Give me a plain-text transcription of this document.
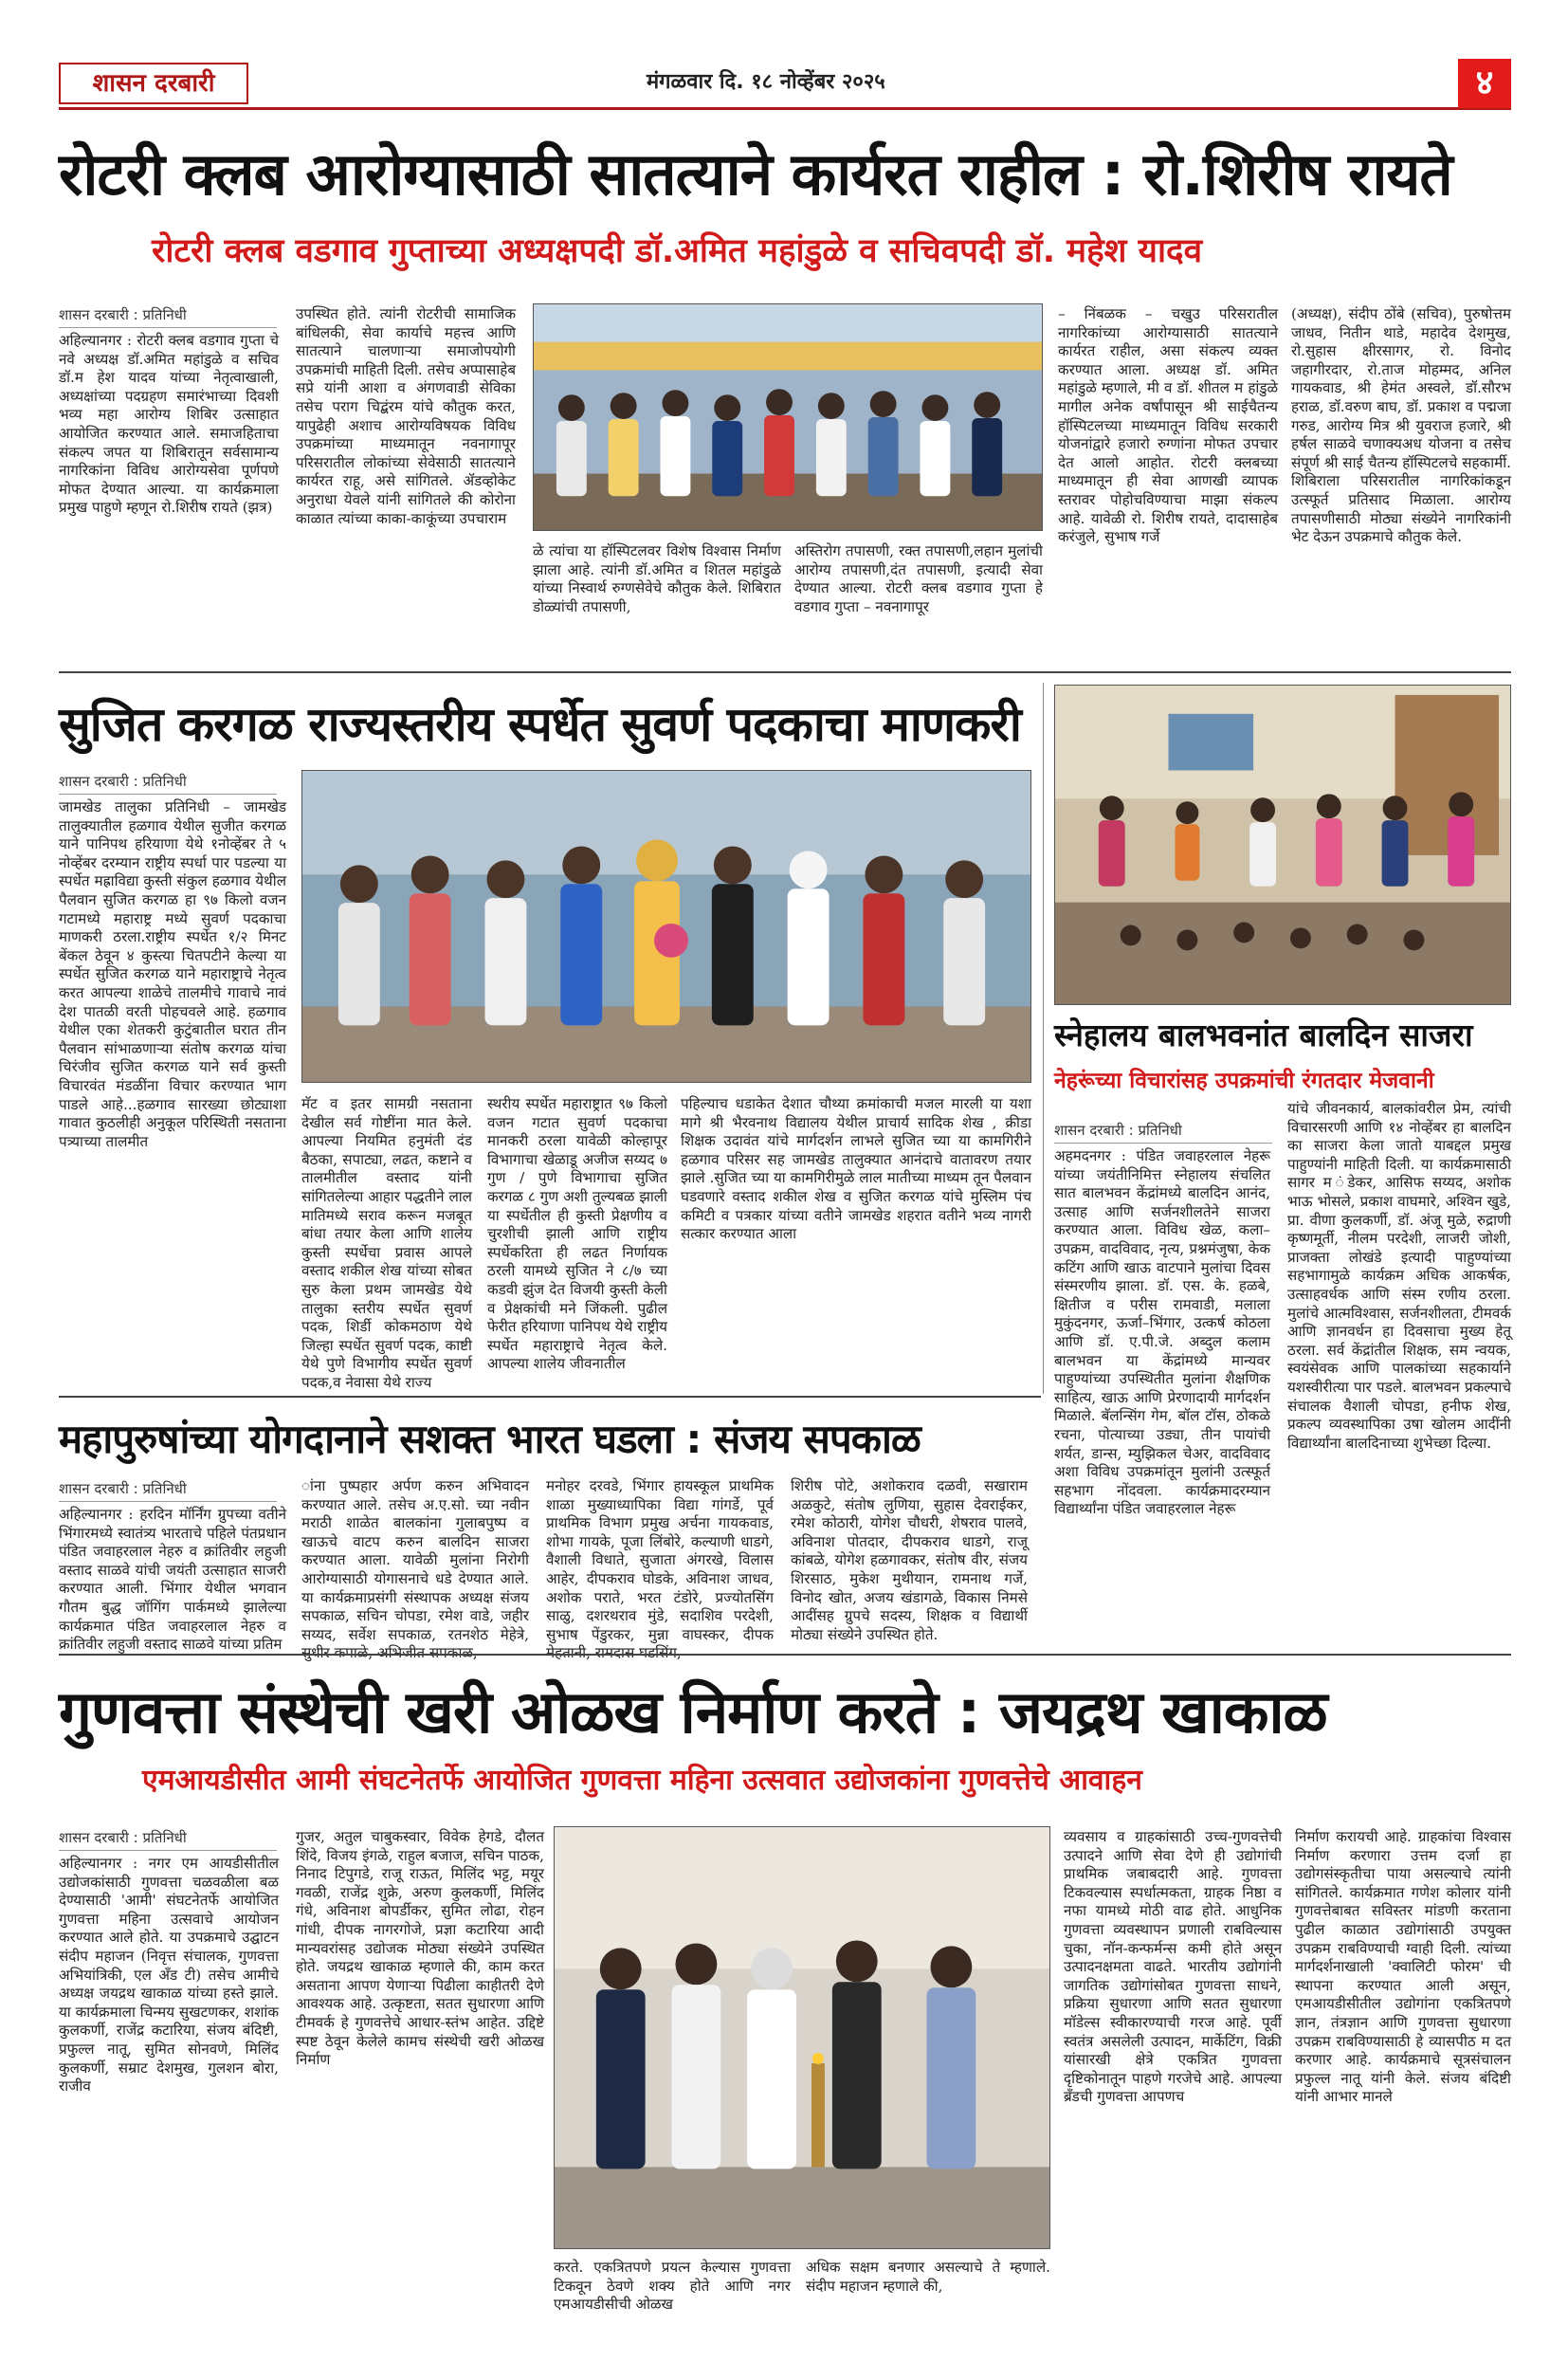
शासन दरबारी	मंगळवार दि. १८ नोव्हेंबर २०२५	४
रोटरी क्लब आरोग्यासाठी सातत्याने कार्यरत राहील : रो.शिरीष रायते
रोटरी क्लब वडगाव गुप्ताच्या अध्यक्षपदी डॉ.अमित महांडुळे व सचिवपदी डॉ. महेश यादव
शासन दरबारी : प्रतिनिधी
अहिल्यानगर : रोटरी क्लब वडगाव गुप्ता चे नवे अध्यक्ष डॉ.अमित महांडुळे व सचिव डॉ.म हेश यादव यांच्या नेतृत्वाखाली, अध्यक्षांच्या पदग्रहण समारंभाच्या दिवशी भव्य महा आरोग्य शिबिर उत्साहात आयोजित करण्यात आले. समाजहिताचा संकल्प जपत या शिबिरातून सर्वसामान्य नागरिकांना विविध आरोग्यसेवा पूर्णपणे मोफत देण्यात आल्या. या कार्यक्रमाला प्रमुख पाहुणे म्हणून रो.शिरीष रायते (झत्र)
उपस्थित होते. त्यांनी रोटरीची सामाजिक बांधिलकी, सेवा कार्याचे महत्त्व आणि सातत्याने चालणाऱ्या समाजोपयोगी उपक्रमांची माहिती दिली. तसेच अप्पासाहेब सप्रे यांनी आशा व अंगणवाडी सेविका तसेच पराग चिद्बंरम यांचे कौतुक करत, यापुढेही अशाच आरोग्यविषयक विविध उपक्रमांच्या माध्यमातून नवनागापूर परिसरातील लोकांच्या सेवेसाठी सातत्याने कार्यरत राहू, असे सांगितले. ॲडव्होकेट अनुराधा येवले यांनी सांगितले की कोरोना काळात त्यांच्या काका-काकूंच्या उपचाराम
ळे त्यांचा या हॉस्पिटलवर विशेष विश्वास निर्माण झाला आहे. त्यांनी डॉ.अमित व शितल महांडुळे यांच्या निस्वार्थ रुग्णसेवेचे कौतुक केले. शिबिरात डोळ्यांची तपासणी,
अस्तिरोग तपासणी, रक्त तपासणी,लहान मुलांची आरोग्य तपासणी,दंत तपासणी, इत्यादी सेवा देण्यात आल्या. रोटरी क्लब वडगाव गुप्ता हे वडगाव गुप्ता – नवनागापूर
– निंबळक – चखुउ परिसरातील नागरिकांच्या आरोग्यासाठी सातत्याने कार्यरत राहील, असा संकल्प व्यक्त करण्यात आला. अध्यक्ष डॉ. अमित महांडुळे म्हणाले, मी व डॉ. शीतल म हांडुळे मागील अनेक वर्षांपासून श्री साईचैतन्य हॉस्पिटलच्या माध्यमातून विविध सरकारी योजनांद्वारे हजारो रुग्णांना मोफत उपचार देत आलो आहोत. रोटरी क्लबच्या माध्यमातून ही सेवा आणखी व्यापक स्तरावर पोहोचविण्याचा माझा संकल्प आहे. यावेळी रो. शिरीष रायते, दादासाहेब करंजुले, सुभाष गर्जे
(अध्यक्ष), संदीप ठोंबे (सचिव), पुरुषोत्तम जाधव, नितीन थाडे, महादेव देशमुख, रो.सुहास क्षीरसागर, रो. विनोद जहागीरदार, रो.ताज मोहम्मद, अनिल गायकवाड, श्री हेमंत अस्वले, डॉ.सौरभ हराळ, डॉ.वरुण बाघ, डॉ. प्रकाश व पद्मजा गरुड, आरोग्य मित्र श्री युवराज हजारे, श्री हर्षल साळवे चणाक्यअध योजना व तसेच संपूर्ण श्री साई चैतन्य हॉस्पिटलचे सहकार्मी. शिबिराला परिसरातील नागरिकांकडून उत्स्फूर्त प्रतिसाद मिळाला. आरोग्य तपासणीसाठी मोठ्या संख्येने नागरिकांनी भेट देऊन उपक्रमाचे कौतुक केले.
सुजित करगळ राज्यस्तरीय स्पर्धेत सुवर्ण पदकाचा माणकरी
शासन दरबारी : प्रतिनिधी
जामखेड तालुका प्रतिनिधी – जामखेड तालुक्यातील हळगाव येथील सुजीत करगळ याने पानिपथ हरियाणा येथे १नोव्हेंबर ते ५ नोव्हेंबर दरम्यान राष्ट्रीय स्पर्धा पार पडल्या या स्पर्धेत मह्राविद्या कुस्ती संकुल हळगाव येथील पैलवान सुजित करगळ हा ९७ किलो वजन गटामध्ये महाराष्ट्र मध्ये सुवर्ण पदकाचा माणकरी ठरला.राष्ट्रीय स्पर्धेत १/२ मिनट बेंकल ठेवून ४ कुस्त्या चितपटीने केल्या या स्पर्धेत सुजित करगळ याने महाराष्ट्राचे नेतृत्व करत आपल्या शाळेचे तालमीचे गावाचे नावं देश पातळी वरती पोहचवले आहे. हळगाव येथील एका शेतकरी कुटुंबातील घरात तीन पैलवान सांभाळणाऱ्या संतोष करगळ यांचा चिरंजीव सुजित करगळ याने सर्व कुस्ती विचारवंत मंडळींना विचार करण्यात भाग पाडले आहे...हळगाव सारख्या छोट्याशा गावात कुठलीही अनुकूल परिस्थिती नसताना पत्र्याच्या तालमीत
मॅट व इतर सामग्री नसताना देखील सर्व गोष्टींना मात केले. आपल्या नियमित हनुमंती दंड बैठका, सपाट्या, लढत, कष्टाने व तालमीतील वस्ताद यांनी सांगितलेल्या आहार पद्धतीने लाल मातिमध्ये सराव करून मजबूत बांधा तयार केला आणि शालेय कुस्ती स्पर्धेचा प्रवास आपले वस्ताद शकील शेख यांच्या सोबत सुरु केला प्रथम जामखेड येथे तालुका स्तरीय स्पर्धेत सुवर्ण पदक, शिर्डी कोकमठाण येथे जिल्हा स्पर्धेत सुवर्ण पदक, काष्टी येथे पुणे विभागीय स्पर्धेत सुवर्ण पदक,व नेवासा येथे राज्य
स्थरीय स्पर्धेत महाराष्ट्रात ९७ किलो वजन गटात सुवर्ण पदकाचा मानकरी ठरला यावेळी कोल्हापूर विभागाचा खेळाडू अजीज सय्यद ७ गुण / पुणे विभागाचा सुजित करगळ ८ गुण अशी तुल्यबळ झाली या स्पर्धेतील ही कुस्ती प्रेक्षणीय व चुरशीची झाली आणि राष्ट्रीय स्पर्धेकरिता ही लढत निर्णायक ठरली यामध्ये सुजित ने ८/७ च्या कडवी झुंज देत विजयी कुस्ती केली व प्रेक्षकांची मने जिंकली. पुढील फेरीत हरियाणा पानिपथ येथे राष्ट्रीय स्पर्धेत महाराष्ट्राचे नेतृत्व केले. आपल्या शालेय जीवनातील
पहिल्याच धडाकेत देशात चौथ्या क्रमांकाची मजल मारली या यशा मागे श्री भैरवनाथ विद्यालय येथील प्राचार्य सादिक शेख , क्रीडा शिक्षक उदावंत यांचे मार्गदर्शन लाभले सुजित च्या या कामगिरीने हळगाव परिसर सह जामखेड तालुक्यात आनंदाचे वातावरण तयार झाले .सुजित च्या या कामगिरीमुळे लाल मातीच्या माध्यम तून पैलवान घडवणारे वस्ताद शकील शेख व सुजित करगळ यांचे मुस्लिम पंच कमिटी व पत्रकार यांच्या वतीने जामखेड शहरात वतीने भव्य नागरी सत्कार करण्यात आला
स्नेहालय बालभवनांत बालदिन साजरा
नेहरूंच्या विचारांसह उपक्रमांची रंगतदार मेजवानी
शासन दरबारी : प्रतिनिधी
अहमदनगर : पंडित जवाहरलाल नेहरू यांच्या जयंतीनिमित्त स्नेहालय संचलित सात बालभवन केंद्रांमध्ये बालदिन आनंद, उत्साह आणि सर्जनशीलतेने साजरा करण्यात आला. विविध खेळ, कला–उपक्रम, वादविवाद, नृत्य, प्रश्नमंजुषा, केक कटिंग आणि खाऊ वाटपाने मुलांचा दिवस संस्मरणीय झाला. डॉ. एस. के. हळबे, क्षितीज व परीस रामवाडी, मलाला मुकुंदनगर, ऊर्जा–भिंगार, उत्कर्ष कोठला आणि डॉ. ए.पी.जे. अब्दुल कलाम बालभवन या केंद्रांमध्ये मान्यवर पाहुण्यांच्या उपस्थितीत मुलांना शैक्षणिक साहित्य, खाऊ आणि प्रेरणादायी मार्गदर्शन मिळाले. बॅलन्सिंग गेम, बॉल टॉस, ठोकळे रचना, पोत्याच्या उड्या, तीन पायांची शर्यत, डान्स, म्युझिकल चेअर, वादविवाद अशा विविध उपक्रमांतून मुलांनी उत्स्फूर्त सहभाग नोंदवला. कार्यक्रमादरम्यान विद्यार्थ्यांना पंडित जवाहरलाल नेहरू
यांचे जीवनकार्य, बालकांवरील प्रेम, त्यांची विचारसरणी आणि १४ नोव्हेंबर हा बालदिन का साजरा केला जातो याबद्दल प्रमुख पाहुण्यांनी माहिती दिली. या कार्यक्रमासाठी सागर म ंडेकर, आसिफ सय्यद, अशोक भाऊ भोसले, प्रकाश वाघमारे, अश्विन खुडे, प्रा. वीणा कुलकर्णी, डॉ. अंजू मुळे, रुद्राणी कृष्णमूर्ती, नीलम परदेशी, लाजरी जोशी, प्राजक्ता लोखंडे इत्यादी पाहुण्यांच्या सहभागामुळे कार्यक्रम अधिक आकर्षक, उत्साहवर्धक आणि संस्म रणीय ठरला. मुलांचे आत्मविश्वास, सर्जनशीलता, टीमवर्क आणि ज्ञानवर्धन हा दिवसाचा मुख्य हेतू ठरला. सर्व केंद्रांतील शिक्षक, सम न्वयक, स्वयंसेवक आणि पालकांच्या सहकार्याने यशस्वीरीत्या पार पडले. बालभवन प्रकल्पाचे संचालक वैशाली चोपडा, हनीफ शेख, प्रकल्प व्यवस्थापिका उषा खोलम आदींनी विद्यार्थ्यांना बालदिनाच्या शुभेच्छा दिल्या.
महापुरुषांच्या योगदानाने सशक्त भारत घडला : संजय सपकाळ
शासन दरबारी : प्रतिनिधी
अहिल्यानगर : हरदिन मॉर्निंग ग्रुपच्या वतीने भिंगारमध्ये स्वातंत्र्य भारताचे पहिले पंतप्रधान पंडित जवाहरलाल नेहरु व क्रांतिवीर लहुजी वस्ताद साळवे यांची जयंती उत्साहात साजरी करण्यात आली. भिंगार येथील भगवान गौतम बुद्ध जॉगिंग पार्कमध्ये झालेल्या कार्यक्रमात पंडित जवाहरलाल नेहरु व क्रांतिवीर लहुजी वस्ताद साळवे यांच्या प्रतिम
ांना पुष्पहार अर्पण करुन अभिवादन करण्यात आले. तसेच अ.ए.सो. च्या नवीन मराठी शाळेत बालकांना गुलाबपुष्प व खाऊचे वाटप करुन बालदिन साजरा करण्यात आला. यावेळी मुलांना निरोगी आरोग्यासाठी योगासनाचे धडे देण्यात आले. या कार्यक्रमाप्रसंगी संस्थापक अध्यक्ष संजय सपकाळ, सचिन चोपडा, रमेश वाडे, जहीर सय्यद, सर्वेश सपकाळ, रतनशेठ मेहेत्रे,
मनोहर दरवडे, भिंगार हायस्कूल प्राथमिक शाळा मुख्याध्यापिका विद्या गांगर्डे, पूर्व प्राथमिक विभाग प्रमुख अर्चना गायकवाड, शोभा गायके, पूजा लिंबोरे, कल्याणी धाडगे, वैशाली विधाते, सुजाता अंगरखे, विलास आहेर, दीपकराव घोडके, अविनाश जाधव, अशोक पराते, भरत टंडोरे, प्रज्योतसिंग साळु, दशरथराव मुंडे, सदाशिव परदेशी, सुभाष पेंडुरकर, मुन्ना वाघस्कर, दीपक
शिरीष पोटे, अशोकराव दळवी, सखाराम अळकुटे, संतोष लुणिया, सुहास देवराईकर, रमेश कोठारी, योगेश चौधरी, शेषराव पालवे, अविनाश पोतदार, दीपकराव धाडगे, राजू कांबळे, योगेश हळगावकर, संतोष वीर, संजय शिरसाठ, मुकेश मुथीयान, रामनाथ गर्जे, विनोद खोत, अजय खंडागळे, विकास निमसे आदींसह ग्रुपचे सदस्य, शिक्षक व विद्यार्थी मोठ्या संख्येने उपस्थित होते.
गुणवत्ता संस्थेची खरी ओळख निर्माण करते : जयद्रथ खाकाळ
एमआयडीसीत आमी संघटनेतर्फे आयोजित गुणवत्ता महिना उत्सवात उद्योजकांना गुणवत्तेचे आवाहन
शासन दरबारी : प्रतिनिधी
अहिल्यानगर : नगर एम आयडीसीतील उद्योजकांसाठी गुणवत्ता चळवळीला बळ देण्यासाठी 'आमी' संघटनेतर्फे आयोजित गुणवत्ता महिना उत्सवाचे आयोजन करण्यात आले होते. या उपक्रमाचे उद्घाटन संदीप महाजन (निवृत्त संचालक, गुणवत्ता अभियांत्रिकी, एल अँड टी) तसेच आमीचे अध्यक्ष जयद्रथ खाकाळ यांच्या हस्ते झाले. या कार्यक्रमाला चिन्मय सुखटणकर, शशांक कुलकर्णी, राजेंद्र कटारिया, संजय बंदिष्टी, प्रफुल्ल नातू, सुमित सोनवणे, मिलिंद कुलकर्णी, सम्राट देशमुख, गुलशन बोरा, राजीव
गुजर, अतुल चाबुकस्वार, विवेक हेगडे, दौलत शिंदे, विजय इंगळे, राहुल बजाज, सचिन पाठक, निनाद टिपुगडे, राजू राऊत, मिलिंद भट्ट, मयूर गवळी, राजेंद्र शुक्रे, अरुण कुलकर्णी, मिलिंद गंधे, अविनाश बोपर्डीकर, सुमित लोढा, रोहन गांधी, दीपक नागरगोजे, प्रज्ञा कटारिया आदी मान्यवरांसह उद्योजक मोठ्या संख्येने उपस्थित होते. जयद्रथ खाकाळ म्हणाले की, काम करत असताना आपण येणाऱ्या पिढीला काहीतरी देणे आवश्यक आहे. उत्कृष्टता, सतत सुधारणा आणि टीमवर्क हे गुणवत्तेचे आधार-स्तंभ आहेत. उद्दिष्टे स्पष्ट ठेवून केलेले कामच संस्थेची खरी ओळख निर्माण
करते. एकत्रितपणे प्रयत्न केल्यास गुणवत्ता टिकवून ठेवणे शक्य होते आणि नगर एमआयडीसीची ओळख
अधिक सक्षम बनणार असल्याचे ते म्हणाले. संदीप महाजन म्हणाले की,
व्यवसाय व ग्राहकांसाठी उच्च-गुणवत्तेची उत्पादने आणि सेवा देणे ही उद्योगांची प्राथमिक जबाबदारी आहे. गुणवत्ता टिकवल्यास स्पर्धात्मकता, ग्राहक निष्ठा व नफा यामध्ये मोठी वाढ होते. आधुनिक गुणवत्ता व्यवस्थापन प्रणाली राबविल्यास चुका, नॉन-कन्फर्मन्स कमी होते असून उत्पादनक्षमता वाढते. भारतीय उद्योगांनी जागतिक उद्योगांसोबत गुणवत्ता साधने, प्रक्रिया सुधारणा आणि सतत सुधारणा मॉडेल्स स्वीकारण्याची गरज आहे. पूर्वी स्वतंत्र असलेली उत्पादन, मार्केटिंग, विक्री यांसारखी क्षेत्रे एकत्रित गुणवत्ता दृष्टिकोनातून पाहणे गरजेचे आहे. आपल्या ब्रँडची गुणवत्ता आपणच
निर्माण करायची आहे. ग्राहकांचा विश्वास निर्माण करणारा उत्तम दर्जा हा उद्योगसंस्कृतीचा पाया असल्याचे त्यांनी सांगितले. कार्यक्रमात गणेश कोलार यांनी गुणवत्तेबाबत सविस्तर मांडणी करताना पुढील काळात उद्योगांसाठी उपयुक्त उपक्रम राबविण्याची ग्वाही दिली. त्यांच्या मार्गदर्शनाखाली 'क्वालिटी फोरम' ची स्थापना करण्यात आली असून, एमआयडीसीतील उद्योगांना एकत्रितपणे ज्ञान, तंत्रज्ञान आणि गुणवत्ता सुधारणा उपक्रम राबविण्यासाठी हे व्यासपीठ म दत करणार आहे. कार्यक्रमाचे सूत्रसंचालन प्रफुल्ल नातू यांनी केले. संजय बंदिष्टी यांनी आभार मानले
